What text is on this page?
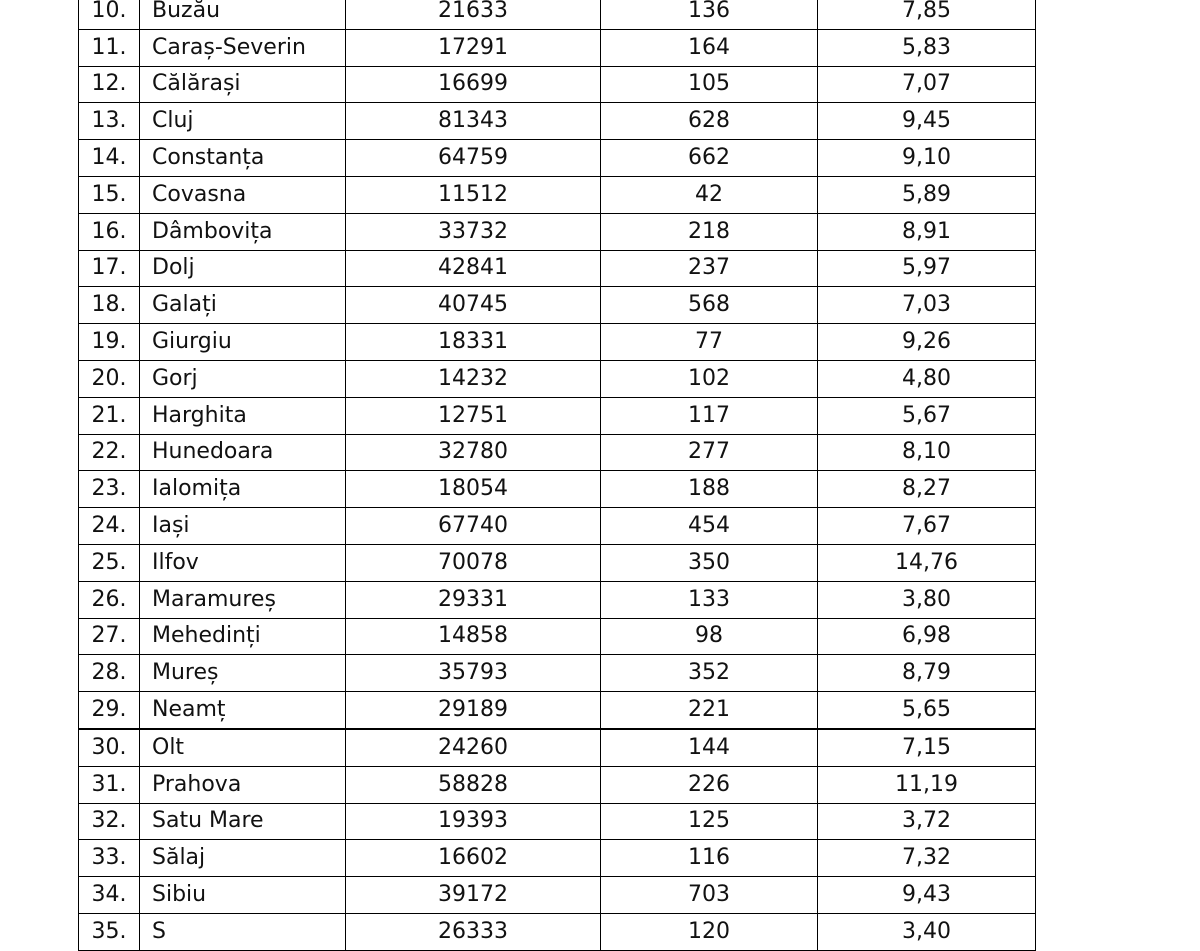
10.	Buzău	21633	136	7,85
11.	Caraș-Severin	17291	164	5,83
12.	Călărași	16699	105	7,07
13.	Cluj	81343	628	9,45
14.	Constanța	64759	662	9,10
15.	Covasna	11512	42	5,89
16.	Dâmbovița	33732	218	8,91
17.	Dolj	42841	237	5,97
18.	Galați	40745	568	7,03
19.	Giurgiu	18331	77	9,26
20.	Gorj	14232	102	4,80
21.	Harghita	12751	117	5,67
22.	Hunedoara	32780	277	8,10
23.	Ialomița	18054	188	8,27
24.	Iași	67740	454	7,67
25.	Ilfov	70078	350	14,76
26.	Maramureș	29331	133	3,80
27.	Mehedinți	14858	98	6,98
28.	Mureș	35793	352	8,79
29.	Neamț	29189	221	5,65
30.	Olt	24260	144	7,15
31.	Prahova	58828	226	11,19
32.	Satu Mare	19393	125	3,72
33.	Sălaj	16602	116	7,32
34.	Sibiu	39172	703	9,43
35.	S	26333	120	3,40
